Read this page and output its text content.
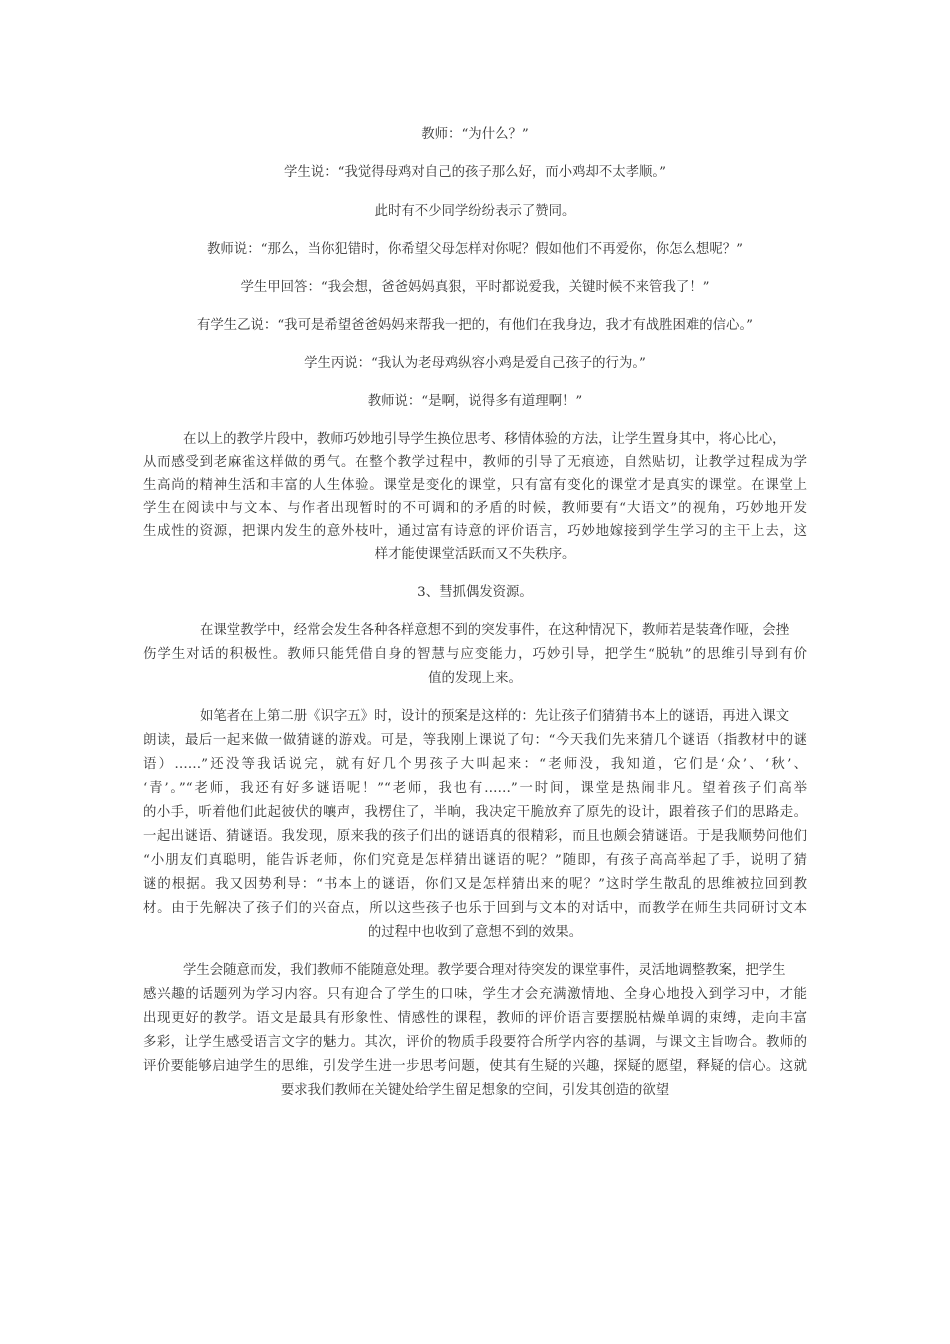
教师：“为什么？”
学生说：“我觉得母鸡对自己的孩子那么好，而小鸡却不太孝顺。”
此时有不少同学纷纷表示了赞同。
教师说：“那么，当你犯错时，你希望父母怎样对你呢？假如他们不再爱你，你怎么想呢？”
学生甲回答：“我会想，爸爸妈妈真狠，平时都说爱我，关键时候不来管我了！”
有学生乙说：“我可是希望爸爸妈妈来帮我一把的，有他们在我身边，我才有战胜困难的信心。”
学生丙说：“我认为老母鸡纵容小鸡是爱自己孩子的行为。”
教师说：“是啊，说得多有道理啊！”
在以上的教学片段中，教师巧妙地引导学生换位思考、移情体验的方法，让学生置身其中，将心比心，
从而感受到老麻雀这样做的勇气。在整个教学过程中，教师的引导了无痕迹，自然贴切，让教学过程成为学
生高尚的精神生活和丰富的人生体验。课堂是变化的课堂，只有富有变化的课堂才是真实的课堂。在课堂上
学生在阅读中与文本、与作者出现暂时的不可调和的矛盾的时候，教师要有“大语文”的视角，巧妙地开发
生成性的资源，把课内发生的意外枝叶，通过富有诗意的评价语言，巧妙地嫁接到学生学习的主干上去，这
样才能使课堂活跃而又不失秩序。
3、彗抓偶发资源。
在课堂教学中，经常会发生各种各样意想不到的突发事件，在这种情况下，教师若是装聋作哑，会挫
伤学生对话的积极性。教师只能凭借自身的智慧与应变能力，巧妙引导，把学生“脱轨”的思维引导到有价
值的发现上来。
如笔者在上第二册《识字五》时，设计的预案是这样的：先让孩子们猜猜书本上的谜语，再进入课文
朗读，最后一起来做一做猜谜的游戏。可是，等我刚上课说了句：“今天我们先来猜几个谜语（指教材中的谜
语）……”还没等我话说完，就有好几个男孩子大叫起来：“老师没，我知道，它们是‘众’、‘秋’、
‘青’。”“老师，我还有好多谜语呢！”“老师，我也有……”一时间，课堂是热闹非凡。望着孩子们高举
的小手，听着他们此起彼伏的嚷声，我楞住了，半晌，我决定干脆放弃了原先的设计，跟着孩子们的思路走。
一起出谜语、猜谜语。我发现，原来我的孩子们出的谜语真的很精彩，而且也颇会猜谜语。于是我顺势问他们
“小朋友们真聪明，能告诉老师，你们究竟是怎样猜出谜语的呢？”随即，有孩子高高举起了手，说明了猜
谜的根据。我又因势利导：“书本上的谜语，你们又是怎样猜出来的呢？”这时学生散乱的思维被拉回到教
材。由于先解决了孩子们的兴奋点，所以这些孩子也乐于回到与文本的对话中，而教学在师生共同研讨文本
的过程中也收到了意想不到的效果。
学生会随意而发，我们教师不能随意处理。教学要合理对待突发的课堂事件，灵活地调整教案，把学生
感兴趣的话题列为学习内容。只有迎合了学生的口味，学生才会充满激情地、全身心地投入到学习中，才能
出现更好的教学。语文是最具有形象性、情感性的课程，教师的评价语言要摆脱枯燥单调的束缚，走向丰富
多彩，让学生感受语言文字的魅力。其次，评价的物质手段要符合所学内容的基调，与课文主旨吻合。教师的
评价要能够启迪学生的思维，引发学生进一步思考问题，使其有生疑的兴趣，探疑的愿望，释疑的信心。这就
要求我们教师在关键处给学生留足想象的空间，引发其创造的欲望
